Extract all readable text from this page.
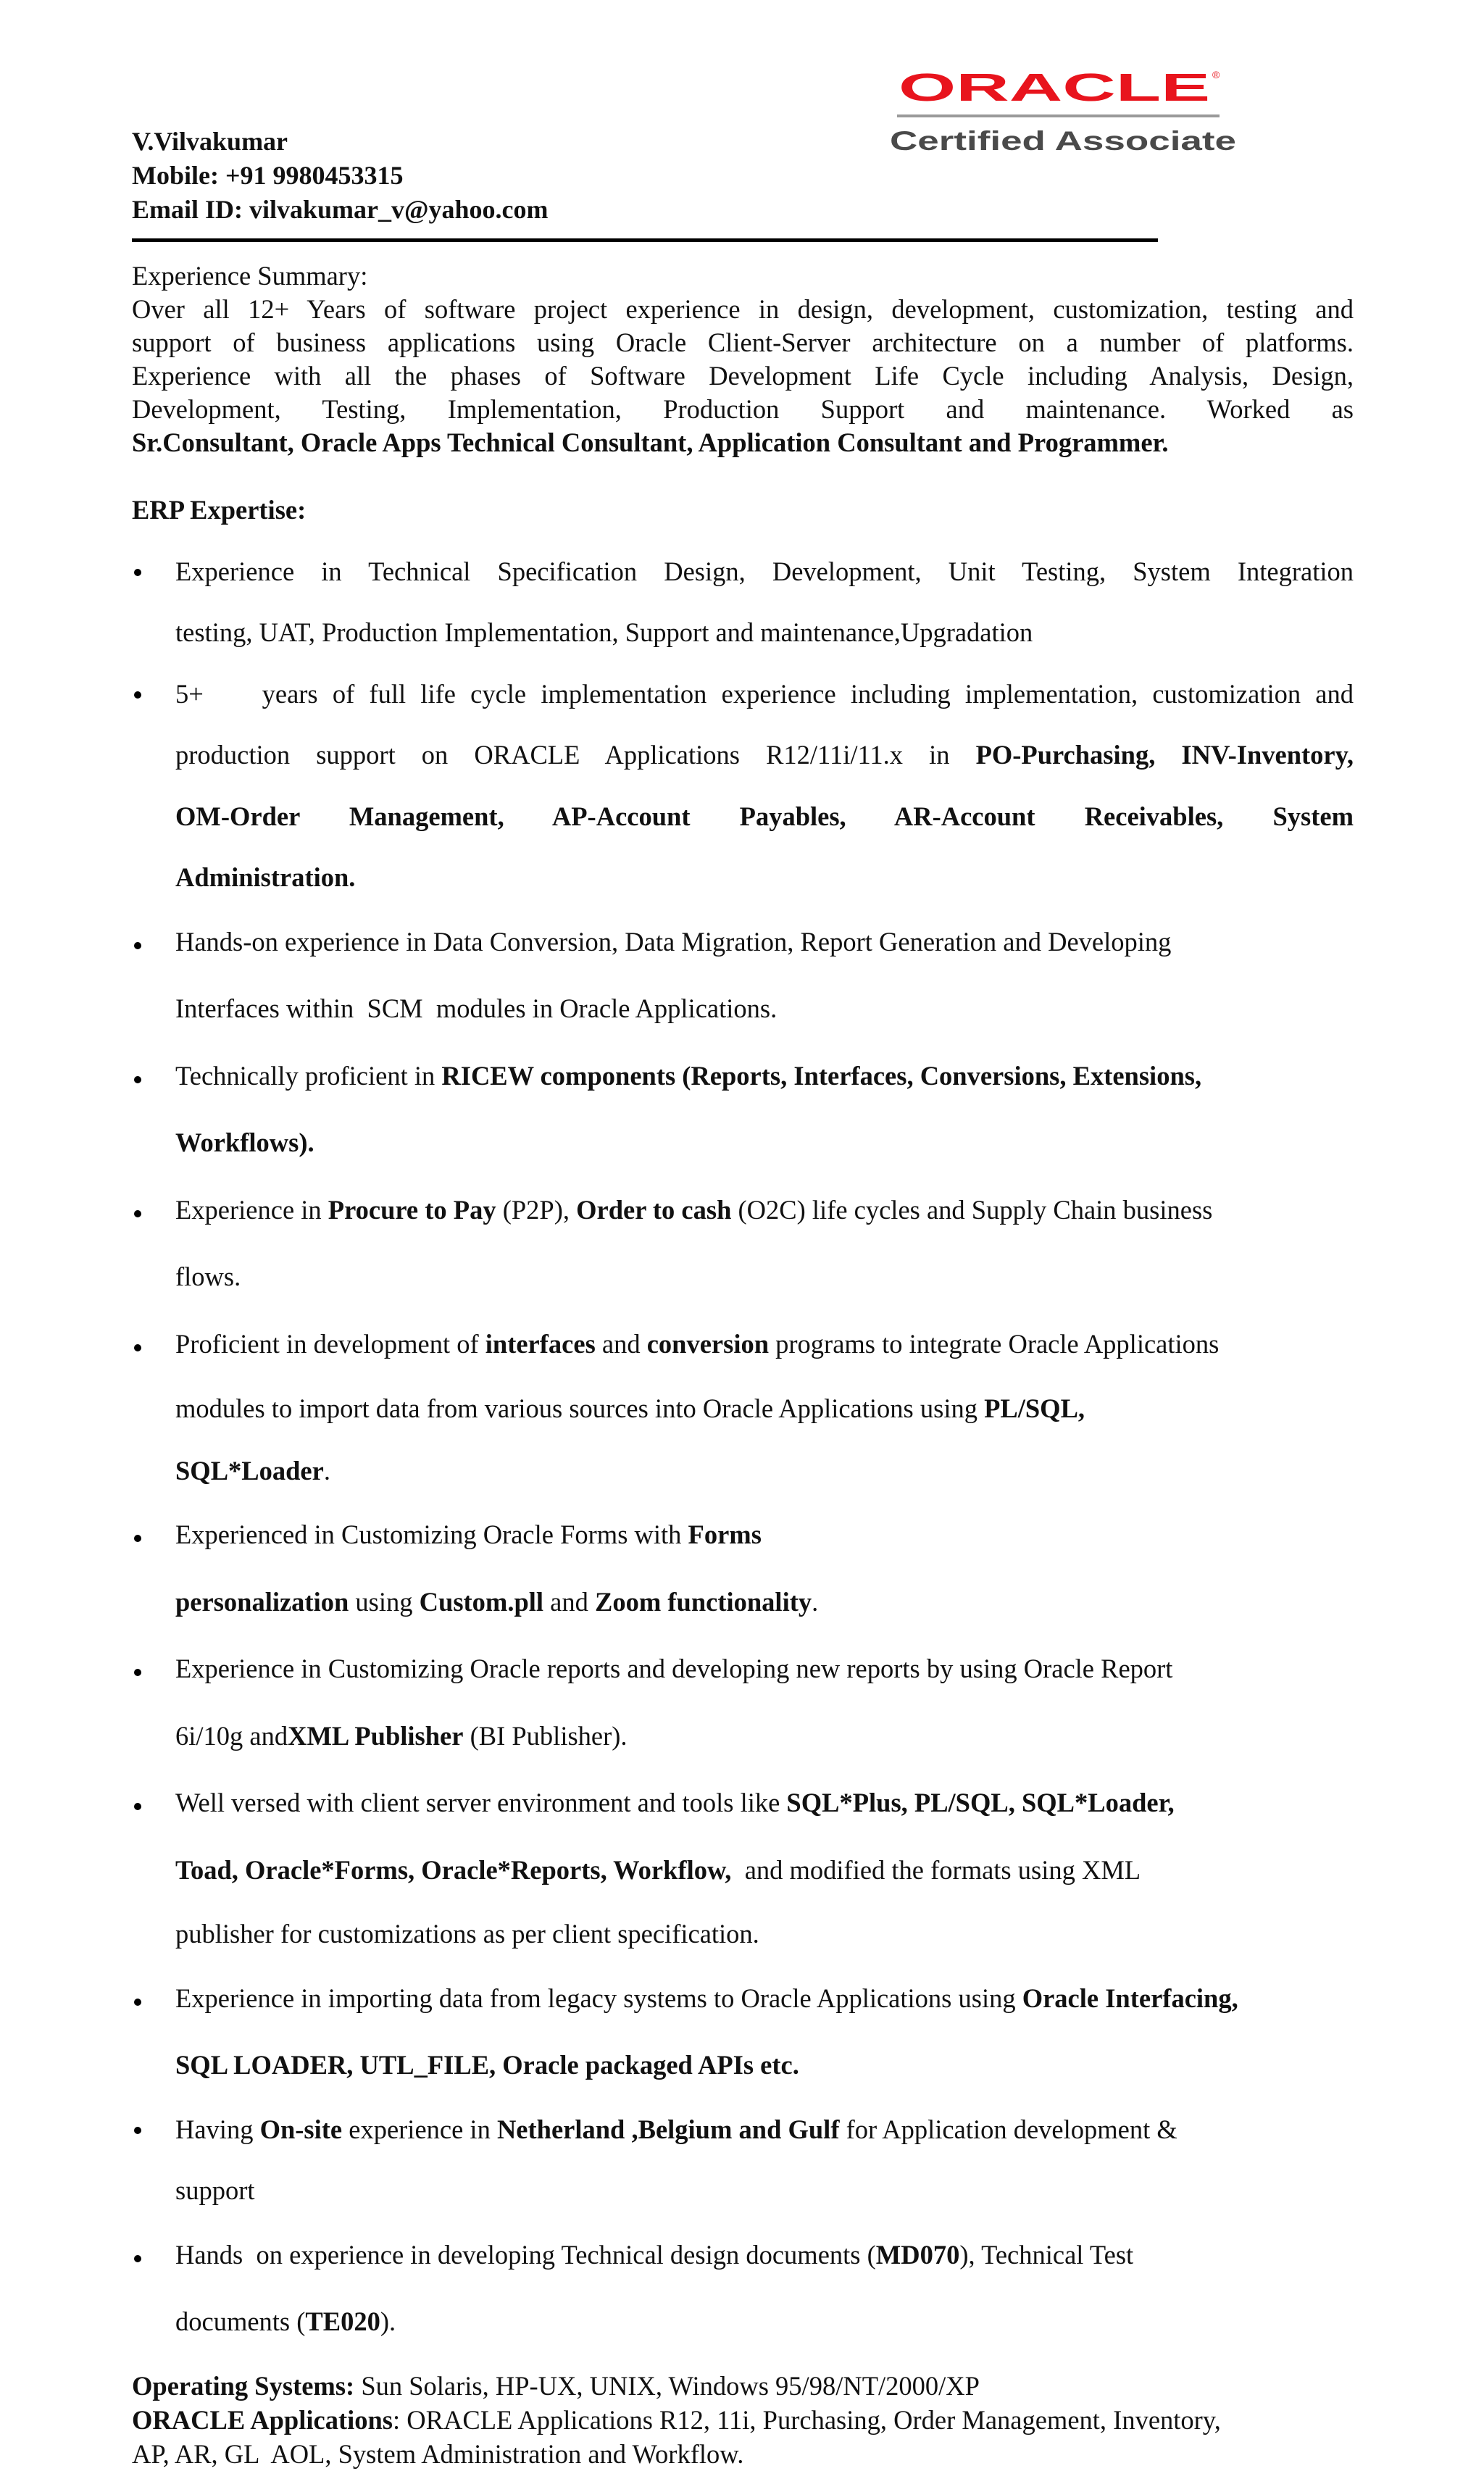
ORACLE ®
Certified Associate
V.Vilvakumar
Mobile: +91 9980453315
Email ID: vilvakumar_v@yahoo.com

Experience Summary:

Over all 12+ Years of software project experience in design, development, customization, testing and

support of business applications using Oracle Client-Server architecture on a number of platforms.

Experience with all the phases of Software Development Life Cycle including Analysis, Design,

Development, Testing, Implementation, Production Support and maintenance. Worked as

Sr.Consultant, Oracle Apps Technical Consultant, Application Consultant and Programmer.

ERP Expertise:

Experience in Technical Specification Design, Development, Unit Testing, System Integration

testing, UAT, Production Implementation, Support and maintenance,Upgradation

5+    years of full life cycle implementation experience including implementation, customization and

production support on ORACLE Applications R12/11i/11.x in PO-Purchasing, INV-Inventory,

OM-Order Management, AP-Account Payables, AR-Account Receivables, System

Administration.

Hands-on experience in Data Conversion, Data Migration, Report Generation and Developing

Interfaces within  SCM  modules in Oracle Applications.

Technically proficient in RICEW components (Reports, Interfaces, Conversions, Extensions,

Workflows).

Experience in Procure to Pay (P2P), Order to cash (O2C) life cycles and Supply Chain business

flows.

Proficient in development of interfaces and conversion programs to integrate Oracle Applications

modules to import data from various sources into Oracle Applications using PL/SQL,

SQL*Loader.

Experienced in Customizing Oracle Forms with Forms

personalization using Custom.pll and Zoom functionality.

Experience in Customizing Oracle reports and developing new reports by using Oracle Report

6i/10g andXML Publisher (BI Publisher).

Well versed with client server environment and tools like SQL*Plus, PL/SQL, SQL*Loader,

Toad, Oracle*Forms, Oracle*Reports, Workflow,  and modified the formats using XML

publisher for customizations as per client specification.

Experience in importing data from legacy systems to Oracle Applications using Oracle Interfacing,

SQL LOADER, UTL_FILE, Oracle packaged APIs etc.

Having On-site experience in Netherland ,Belgium and Gulf for Application development &

support

Hands  on experience in developing Technical design documents (MD070), Technical Test

documents (TE020).

Operating Systems: Sun Solaris, HP-UX, UNIX, Windows 95/98/NT/2000/XP

ORACLE Applications: ORACLE Applications R12, 11i, Purchasing, Order Management, Inventory,

AP, AR, GL  AOL, System Administration and Workflow.
